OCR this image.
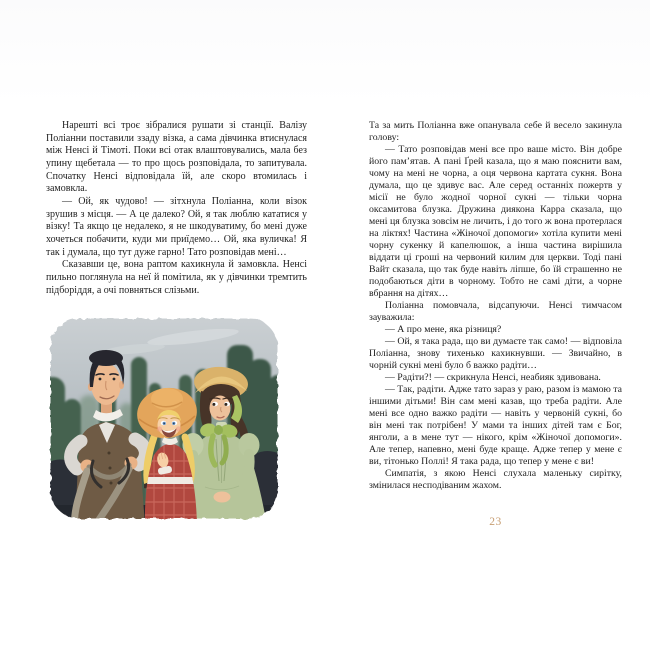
Нарешті всі троє зібралися рушати зі станції. Валізу Поліанни поставили ззаду візка, а сама дівчинка втиснулася між Ненсі й Тімоті. Поки всі отак влаштовувались, мала без упину щебетала — то про щось розповідала, то запитувала. Спочатку Ненсі відповідала їй, але скоро втомилась і замовкла.

— Ой, як чудово! — зітхнула Поліанна, коли візок зрушив з місця. — А це далеко? Ой, я так люблю кататися у візку! Та якщо це недалеко, я не шкодуватиму, бо мені дуже хочеться побачити, куди ми приїдемо… Ой, яка вуличка! Я так і думала, що тут дуже гарно! Тато розповідав мені…

Сказавши це, вона раптом кахикнула й замовкла. Ненсі пильно поглянула на неї й помітила, як у дівчинки тремтить підборіддя, а очі повняться слізьми.

Та за мить Поліанна вже опанувала себе й весело закинула голову:

— Тато розповідав мені все про ваше місто. Він добре його пам’ятав. А пані Ґрей казала, що я маю пояснити вам, чому на мені не чорна, а оця червона картата сукня. Вона думала, що це здивує вас. Але серед останніх пожертв у місії не було жодної чорної сукні — тільки чорна оксамитова блузка. Дружина диякона Карра сказала, що мені ця блузка зовсім не личить, і до того ж вона протерлася на ліктях! Частина «Жіночої допомоги» хотіла купити мені чорну сукенку й капелюшок, а інша частина вирішила віддати ці гроші на червоний килим для церкви. Тоді пані Вайт сказала, що так буде навіть ліпше, бо їй страшенно не подобаються діти в чорному. Тобто не самі діти, а чорне вбрання на дітях…

Поліанна помовчала, відсапуючи. Ненсі тимчасом зауважила:

— А про мене, яка різниця?

— Ой, я така рада, що ви думаєте так само! — відповіла Поліанна, знову тихенько кахикнувши. — Звичайно, в чорній сукні мені було б важко радіти…

— Радіти?! — скрикнула Ненсі, неабияк здивована.

— Так, радіти. Адже тато зараз у раю, разом із мамою та іншими дітьми! Він сам мені казав, що треба радіти. Але мені все одно важко радіти — навіть у червоній сукні, бо він мені так потрібен! У мами та інших дітей там є Бог, янголи, а в мене тут — нікого, крім «Жіночої допомоги». Але тепер, напевно, мені буде краще. Адже тепер у мене є ви, тітонько Поллі! Я така рада, що тепер у мене є ви!

Симпатія, з якою Ненсі слухала маленьку сирітку, змінилася несподіваним жахом.

23
